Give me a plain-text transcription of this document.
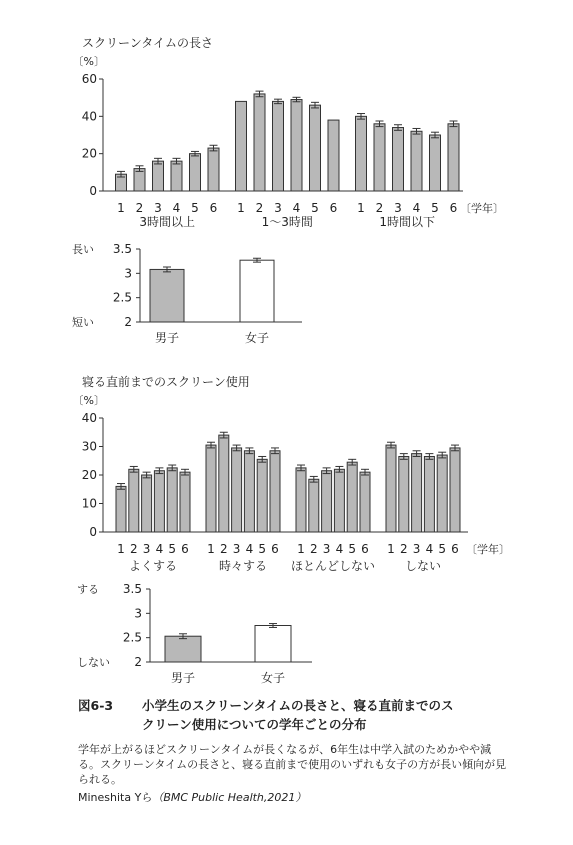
スクリーンタイムの長さ
〔%〕
0
20
40
60
1 2 3 4 5 6
3時間以上
1 2 3 4 5 6
1〜3時間
1 2 3 4 5 6
1時間以下
〔学年〕
2
2.5
3
3.5
長い
短い
男子	女子
寝る直前までのスクリーン使用
〔%〕
0
10
20
30
40
1 2 3 4 5 6
よくする
1 2 3 4 5 6
時々する
1 2 3 4 5 6
ほとんどしない
1 2 3 4 5 6
しない
〔学年〕
2
2.5
3
3.5
する
しない
男子	女子
図6-3 小学生のスクリーンタイムの長さと、寝る直前までのス
クリーン使用についての学年ごとの分布
学年が上がるほどスクリーンタイムが長くなるが、6年生は中学入試のためかやや減る。スクリーンタイムの長さと、寝る直前まで使用のいずれも女子の方が長い傾向が見られる。
Mineshita Yら（BMC Public Health,2021）
